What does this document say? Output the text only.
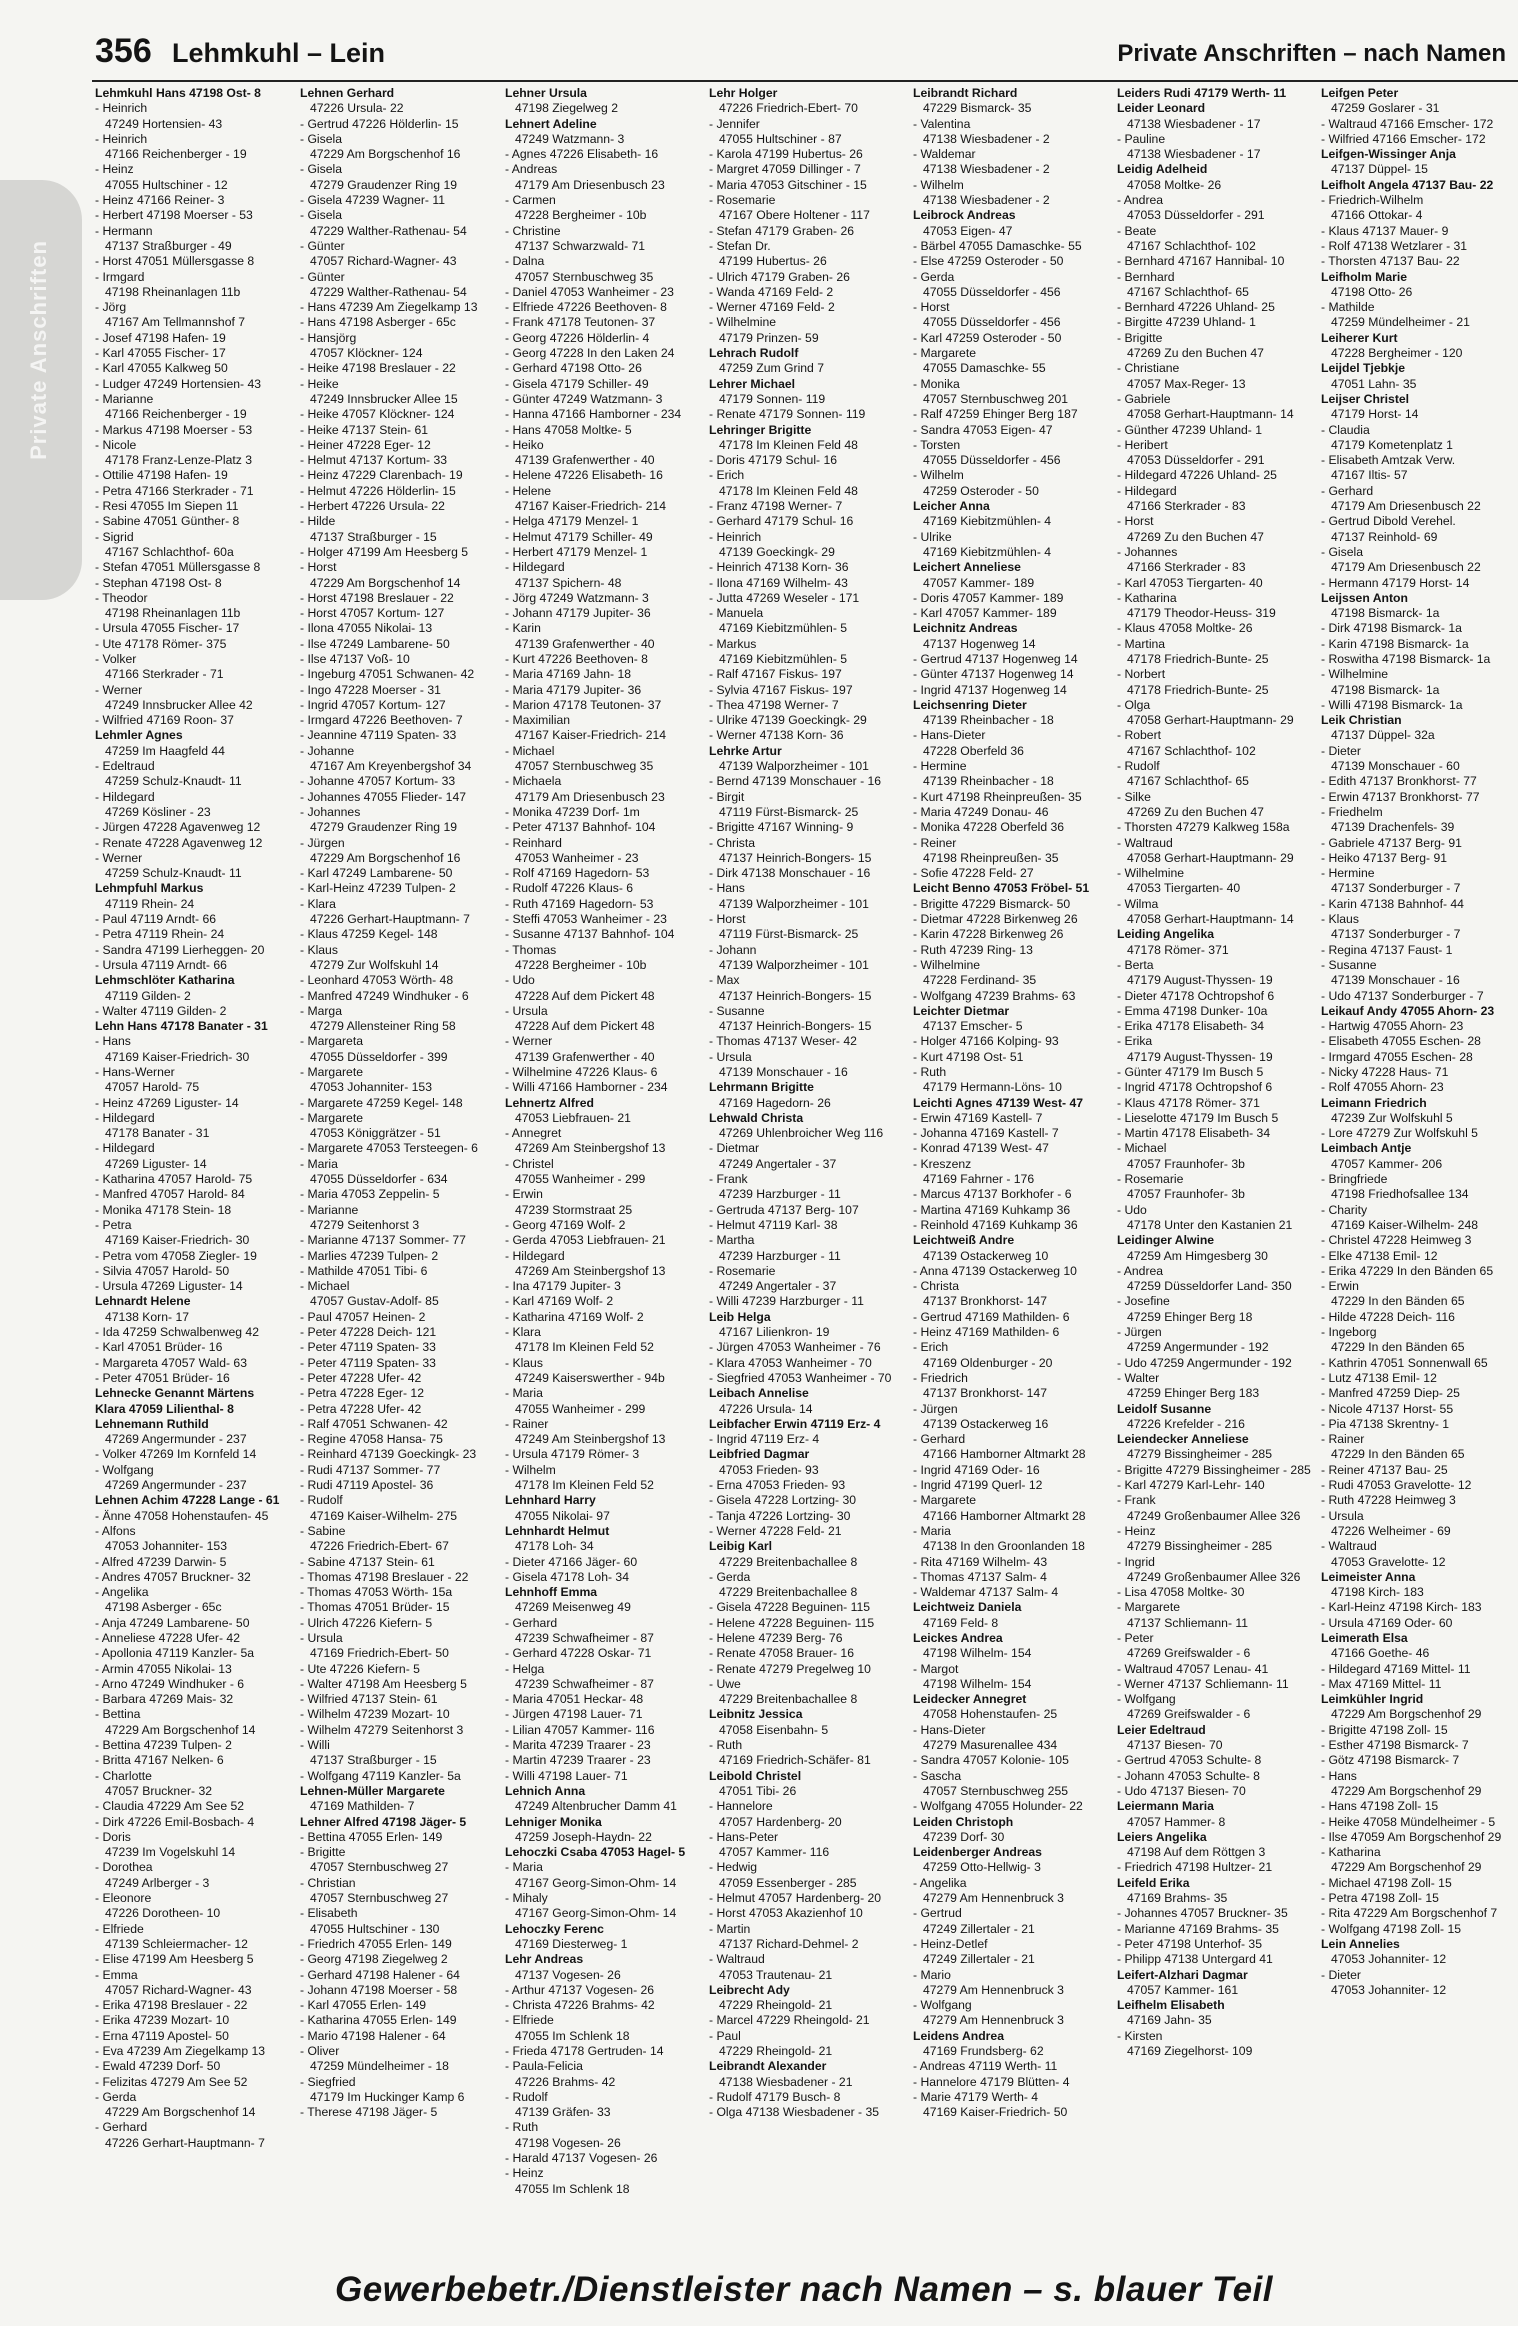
356 Lehmkuhl – Lein	Private Anschriften – nach Namen
Private Anschriften
Lehmkuhl Hans 47198 Ost- 8
- Heinrich
47249 Hortensien- 43
- Heinrich
47166 Reichenberger - 19
- Heinz
47055 Hultschiner - 12
- Heinz 47166 Reiner- 3
- Herbert 47198 Moerser - 53
- Hermann
47137 Straßburger - 49
- Horst 47051 Müllersgasse 8
- Irmgard
47198 Rheinanlagen 11b
- Jörg
47167 Am Tellmannshof 7
- Josef 47198 Hafen- 19
- Karl 47055 Fischer- 17
- Karl 47055 Kalkweg 50
- Ludger 47249 Hortensien- 43
- Marianne
47166 Reichenberger - 19
- Markus 47198 Moerser - 53
- Nicole
47178 Franz-Lenze-Platz 3
- Ottilie 47198 Hafen- 19
- Petra 47166 Sterkrader - 71
- Resi 47055 Im Siepen 11
- Sabine 47051 Günther- 8
- Sigrid
47167 Schlachthof- 60a
- Stefan 47051 Müllersgasse 8
- Stephan 47198 Ost- 8
- Theodor
47198 Rheinanlagen 11b
- Ursula 47055 Fischer- 17
- Ute 47178 Römer- 375
- Volker
47166 Sterkrader - 71
- Werner
47249 Innsbrucker Allee 42
- Wilfried 47169 Roon- 37
Lehmler Agnes
47259 Im Haagfeld 44
- Edeltraud
47259 Schulz-Knaudt- 11
- Hildegard
47269 Kösliner - 23
- Jürgen 47228 Agavenweg 12
- Renate 47228 Agavenweg 12
- Werner
47259 Schulz-Knaudt- 11
Lehmpfuhl Markus
47119 Rhein- 24
- Paul 47119 Arndt- 66
- Petra 47119 Rhein- 24
- Sandra 47199 Lierheggen- 20
- Ursula 47119 Arndt- 66
Lehmschlöter Katharina
47119 Gilden- 2
- Walter 47119 Gilden- 2
Lehn Hans 47178 Banater - 31
- Hans
47169 Kaiser-Friedrich- 30
- Hans-Werner
47057 Harold- 75
- Heinz 47269 Liguster- 14
- Hildegard
47178 Banater - 31
- Hildegard
47269 Liguster- 14
- Katharina 47057 Harold- 75
- Manfred 47057 Harold- 84
- Monika 47178 Stein- 18
- Petra
47169 Kaiser-Friedrich- 30
- Petra vom 47058 Ziegler- 19
- Silvia 47057 Harold- 50
- Ursula 47269 Liguster- 14
Lehnardt Helene
47138 Korn- 17
- Ida 47259 Schwalbenweg 42
- Karl 47051 Brüder- 16
- Margareta 47057 Wald- 63
- Peter 47051 Brüder- 16
Lehnecke Genannt Märtens
Klara 47059 Lilienthal- 8
Lehnemann Ruthild
47269 Angermunder - 237
- Volker 47269 Im Kornfeld 14
- Wolfgang
47269 Angermunder - 237
Lehnen Achim 47228 Lange - 61
- Änne 47058 Hohenstaufen- 45
- Alfons
47053 Johanniter- 153
- Alfred 47239 Darwin- 5
- Andres 47057 Bruckner- 32
- Angelika
47198 Asberger - 65c
- Anja 47249 Lambarene- 50
- Anneliese 47228 Ufer- 42
- Apollonia 47119 Kanzler- 5a
- Armin 47055 Nikolai- 13
- Arno 47249 Windhuker - 6
- Barbara 47269 Mais- 32
- Bettina
47229 Am Borgschenhof 14
- Bettina 47239 Tulpen- 2
- Britta 47167 Nelken- 6
- Charlotte
47057 Bruckner- 32
- Claudia 47229 Am See 52
- Dirk 47226 Emil-Bosbach- 4
- Doris
47239 Im Vogelskuhl 14
- Dorothea
47249 Arlberger - 3
- Eleonore
47226 Dorotheen- 10
- Elfriede
47139 Schleiermacher- 12
- Elise 47199 Am Heesberg 5
- Emma
47057 Richard-Wagner- 43
- Erika 47198 Breslauer - 22
- Erika 47239 Mozart- 10
- Erna 47119 Apostel- 50
- Eva 47239 Am Ziegelkamp 13
- Ewald 47239 Dorf- 50
- Felizitas 47279 Am See 52
- Gerda
47229 Am Borgschenhof 14
- Gerhard
47226 Gerhart-Hauptmann- 7
Lehnen Gerhard
47226 Ursula- 22
- Gertrud 47226 Hölderlin- 15
- Gisela
47229 Am Borgschenhof 16
- Gisela
47279 Graudenzer Ring 19
- Gisela 47239 Wagner- 11
- Gisela
47229 Walther-Rathenau- 54
- Günter
47057 Richard-Wagner- 43
- Günter
47229 Walther-Rathenau- 54
- Hans 47239 Am Ziegelkamp 13
- Hans 47198 Asberger - 65c
- Hansjörg
47057 Klöckner- 124
- Heike 47198 Breslauer - 22
- Heike
47249 Innsbrucker Allee 15
- Heike 47057 Klöckner- 124
- Heike 47137 Stein- 61
- Heiner 47228 Eger- 12
- Helmut 47137 Kortum- 33
- Heinz 47229 Clarenbach- 19
- Helmut 47226 Hölderlin- 15
- Herbert 47226 Ursula- 22
- Hilde
47137 Straßburger - 15
- Holger 47199 Am Heesberg 5
- Horst
47229 Am Borgschenhof 14
- Horst 47198 Breslauer - 22
- Horst 47057 Kortum- 127
- Ilona 47055 Nikolai- 13
- Ilse 47249 Lambarene- 50
- Ilse 47137 Voß- 10
- Ingeburg 47051 Schwanen- 42
- Ingo 47228 Moerser - 31
- Ingrid 47057 Kortum- 127
- Irmgard 47226 Beethoven- 7
- Jeannine 47119 Spaten- 33
- Johanne
47167 Am Kreyenbergshof 34
- Johanne 47057 Kortum- 33
- Johannes 47055 Flieder- 147
- Johannes
47279 Graudenzer Ring 19
- Jürgen
47229 Am Borgschenhof 16
- Karl 47249 Lambarene- 50
- Karl-Heinz 47239 Tulpen- 2
- Klara
47226 Gerhart-Hauptmann- 7
- Klaus 47259 Kegel- 148
- Klaus
47279 Zur Wolfskuhl 14
- Leonhard 47053 Wörth- 48
- Manfred 47249 Windhuker - 6
- Marga
47279 Allensteiner Ring 58
- Margareta
47055 Düsseldorfer - 399
- Margarete
47053 Johanniter- 153
- Margarete 47259 Kegel- 148
- Margarete
47053 Königgrätzer - 51
- Margarete 47053 Tersteegen- 6
- Maria
47055 Düsseldorfer - 634
- Maria 47053 Zeppelin- 5
- Marianne
47279 Seitenhorst 3
- Marianne 47137 Sommer- 77
- Marlies 47239 Tulpen- 2
- Mathilde 47051 Tibi- 6
- Michael
47057 Gustav-Adolf- 85
- Paul 47057 Heinen- 2
- Peter 47228 Deich- 121
- Peter 47119 Spaten- 33
- Peter 47119 Spaten- 33
- Peter 47228 Ufer- 42
- Petra 47228 Eger- 12
- Petra 47228 Ufer- 42
- Ralf 47051 Schwanen- 42
- Regine 47058 Hansa- 75
- Reinhard 47139 Goeckingk- 23
- Rudi 47137 Sommer- 77
- Rudi 47119 Apostel- 36
- Rudolf
47169 Kaiser-Wilhelm- 275
- Sabine
47226 Friedrich-Ebert- 67
- Sabine 47137 Stein- 61
- Thomas 47198 Breslauer - 22
- Thomas 47053 Wörth- 15a
- Thomas 47051 Brüder- 15
- Ulrich 47226 Kiefern- 5
- Ursula
47169 Friedrich-Ebert- 50
- Ute 47226 Kiefern- 5
- Walter 47198 Am Heesberg 5
- Wilfried 47137 Stein- 61
- Wilhelm 47239 Mozart- 10
- Wilhelm 47279 Seitenhorst 3
- Willi
47137 Straßburger - 15
- Wolfgang 47119 Kanzler- 5a
Lehnen-Müller Margarete
47169 Mathilden- 7
Lehner Alfred 47198 Jäger- 5
- Bettina 47055 Erlen- 149
- Brigitte
47057 Sternbuschweg 27
- Christian
47057 Sternbuschweg 27
- Elisabeth
47055 Hultschiner - 130
- Friedrich 47055 Erlen- 149
- Georg 47198 Ziegelweg 2
- Gerhard 47198 Halener - 64
- Johann 47198 Moerser - 58
- Karl 47055 Erlen- 149
- Katharina 47055 Erlen- 149
- Mario 47198 Halener - 64
- Oliver
47259 Mündelheimer - 18
- Siegfried
47179 Im Huckinger Kamp 6
- Therese 47198 Jäger- 5
Lehner Ursula
47198 Ziegelweg 2
Lehnert Adeline
47249 Watzmann- 3
- Agnes 47226 Elisabeth- 16
- Andreas
47179 Am Driesenbusch 23
- Carmen
47228 Bergheimer - 10b
- Christine
47137 Schwarzwald- 71
- Dalna
47057 Sternbuschweg 35
- Daniel 47053 Wanheimer - 23
- Elfriede 47226 Beethoven- 8
- Frank 47178 Teutonen- 37
- Georg 47226 Hölderlin- 4
- Georg 47228 In den Laken 24
- Gerhard 47198 Otto- 26
- Gisela 47179 Schiller- 49
- Günter 47249 Watzmann- 3
- Hanna 47166 Hamborner - 234
- Hans 47058 Moltke- 5
- Heiko
47139 Grafenwerther - 40
- Helene 47226 Elisabeth- 16
- Helene
47167 Kaiser-Friedrich- 214
- Helga 47179 Menzel- 1
- Helmut 47179 Schiller- 49
- Herbert 47179 Menzel- 1
- Hildegard
47137 Spichern- 48
- Jörg 47249 Watzmann- 3
- Johann 47179 Jupiter- 36
- Karin
47139 Grafenwerther - 40
- Kurt 47226 Beethoven- 8
- Maria 47169 Jahn- 18
- Maria 47179 Jupiter- 36
- Marion 47178 Teutonen- 37
- Maximilian
47167 Kaiser-Friedrich- 214
- Michael
47057 Sternbuschweg 35
- Michaela
47179 Am Driesenbusch 23
- Monika 47239 Dorf- 1m
- Peter 47137 Bahnhof- 104
- Reinhard
47053 Wanheimer - 23
- Rolf 47169 Hagedorn- 53
- Rudolf 47226 Klaus- 6
- Ruth 47169 Hagedorn- 53
- Steffi 47053 Wanheimer - 23
- Susanne 47137 Bahnhof- 104
- Thomas
47228 Bergheimer - 10b
- Udo
47228 Auf dem Pickert 48
- Ursula
47228 Auf dem Pickert 48
- Werner
47139 Grafenwerther - 40
- Wilhelmine 47226 Klaus- 6
- Willi 47166 Hamborner - 234
Lehnertz Alfred
47053 Liebfrauen- 21
- Annegret
47269 Am Steinbergshof 13
- Christel
47055 Wanheimer - 299
- Erwin
47239 Stormstraat 25
- Georg 47169 Wolf- 2
- Gerda 47053 Liebfrauen- 21
- Hildegard
47269 Am Steinbergshof 13
- Ina 47179 Jupiter- 3
- Karl 47169 Wolf- 2
- Katharina 47169 Wolf- 2
- Klara
47178 Im Kleinen Feld 52
- Klaus
47249 Kaiserswerther - 94b
- Maria
47055 Wanheimer - 299
- Rainer
47249 Am Steinbergshof 13
- Ursula 47179 Römer- 3
- Wilhelm
47178 Im Kleinen Feld 52
Lehnhard Harry
47055 Nikolai- 97
Lehnhardt Helmut
47178 Loh- 34
- Dieter 47166 Jäger- 60
- Gisela 47178 Loh- 34
Lehnhoff Emma
47269 Meisenweg 49
- Gerhard
47239 Schwafheimer - 87
- Gerhard 47228 Oskar- 71
- Helga
47239 Schwafheimer - 87
- Maria 47051 Heckar- 48
- Jürgen 47198 Lauer- 71
- Lilian 47057 Kammer- 116
- Marita 47239 Traarer - 23
- Martin 47239 Traarer - 23
- Willi 47198 Lauer- 71
Lehnich Anna
47249 Altenbrucher Damm 41
Lehniger Monika
47259 Joseph-Haydn- 22
Lehoczki Csaba 47053 Hagel- 5
- Maria
47167 Georg-Simon-Ohm- 14
- Mihaly
47167 Georg-Simon-Ohm- 14
Lehoczky Ferenc
47169 Diesterweg- 1
Lehr Andreas
47137 Vogesen- 26
- Arthur 47137 Vogesen- 26
- Christa 47226 Brahms- 42
- Elfriede
47055 Im Schlenk 18
- Frieda 47178 Gertruden- 14
- Paula-Felicia
47226 Brahms- 42
- Rudolf
47139 Gräfen- 33
- Ruth
47198 Vogesen- 26
- Harald 47137 Vogesen- 26
- Heinz
47055 Im Schlenk 18
Lehr Holger
47226 Friedrich-Ebert- 70
- Jennifer
47055 Hultschiner - 87
- Karola 47199 Hubertus- 26
- Margret 47059 Dillinger - 7
- Maria 47053 Gitschiner - 15
- Rosemarie
47167 Obere Holtener - 117
- Stefan 47179 Graben- 26
- Stefan Dr.
47199 Hubertus- 26
- Ulrich 47179 Graben- 26
- Wanda 47169 Feld- 2
- Werner 47169 Feld- 2
- Wilhelmine
47179 Prinzen- 59
Lehrach Rudolf
47259 Zum Grind 7
Lehrer Michael
47179 Sonnen- 119
- Renate 47179 Sonnen- 119
Lehringer Brigitte
47178 Im Kleinen Feld 48
- Doris 47179 Schul- 16
- Erich
47178 Im Kleinen Feld 48
- Franz 47198 Werner- 7
- Gerhard 47179 Schul- 16
- Heinrich
47139 Goeckingk- 29
- Heinrich 47138 Korn- 36
- Ilona 47169 Wilhelm- 43
- Jutta 47269 Weseler - 171
- Manuela
47169 Kiebitzmühlen- 5
- Markus
47169 Kiebitzmühlen- 5
- Ralf 47167 Fiskus- 197
- Sylvia 47167 Fiskus- 197
- Thea 47198 Werner- 7
- Ulrike 47139 Goeckingk- 29
- Werner 47138 Korn- 36
Lehrke Artur
47139 Walporzheimer - 101
- Bernd 47139 Monschauer - 16
- Birgit
47119 Fürst-Bismarck- 25
- Brigitte 47167 Winning- 9
- Christa
47137 Heinrich-Bongers- 15
- Dirk 47138 Monschauer - 16
- Hans
47139 Walporzheimer - 101
- Horst
47119 Fürst-Bismarck- 25
- Johann
47139 Walporzheimer - 101
- Max
47137 Heinrich-Bongers- 15
- Susanne
47137 Heinrich-Bongers- 15
- Thomas 47137 Weser- 42
- Ursula
47139 Monschauer - 16
Lehrmann Brigitte
47169 Hagedorn- 26
Lehwald Christa
47269 Uhlenbroicher Weg 116
- Dietmar
47249 Angertaler - 37
- Frank
47239 Harzburger - 11
- Gertruda 47137 Berg- 107
- Helmut 47119 Karl- 38
- Martha
47239 Harzburger - 11
- Rosemarie
47249 Angertaler - 37
- Willi 47239 Harzburger - 11
Leib Helga
47167 Lilienkron- 19
- Jürgen 47053 Wanheimer - 76
- Klara 47053 Wanheimer - 70
- Siegfried 47053 Wanheimer - 70
Leibach Annelise
47226 Ursula- 14
Leibfacher Erwin 47119 Erz- 4
- Ingrid 47119 Erz- 4
Leibfried Dagmar
47053 Frieden- 93
- Erna 47053 Frieden- 93
- Gisela 47228 Lortzing- 30
- Tanja 47226 Lortzing- 30
- Werner 47228 Feld- 21
Leibig Karl
47229 Breitenbachallee 8
- Gerda
47229 Breitenbachallee 8
- Gisela 47228 Beguinen- 115
- Helene 47228 Beguinen- 115
- Helene 47239 Berg- 76
- Renate 47058 Brauer- 16
- Renate 47279 Pregelweg 10
- Uwe
47229 Breitenbachallee 8
Leibnitz Jessica
47058 Eisenbahn- 5
- Ruth
47169 Friedrich-Schäfer- 81
Leibold Christel
47051 Tibi- 26
- Hannelore
47057 Hardenberg- 20
- Hans-Peter
47057 Kammer- 116
- Hedwig
47059 Essenberger - 285
- Helmut 47057 Hardenberg- 20
- Horst 47053 Akazienhof 10
- Martin
47137 Richard-Dehmel- 2
- Waltraud
47053 Trautenau- 21
Leibrecht Ady
47229 Rheingold- 21
- Marcel 47229 Rheingold- 21
- Paul
47229 Rheingold- 21
Leibrandt Alexander
47138 Wiesbadener - 21
- Rudolf 47179 Busch- 8
- Olga 47138 Wiesbadener - 35
Leibrandt Richard
47229 Bismarck- 35
- Valentina
47138 Wiesbadener - 2
- Waldemar
47138 Wiesbadener - 2
- Wilhelm
47138 Wiesbadener - 2
Leibrock Andreas
47053 Eigen- 47
- Bärbel 47055 Damaschke- 55
- Else 47259 Osteroder - 50
- Gerda
47055 Düsseldorfer - 456
- Horst
47055 Düsseldorfer - 456
- Karl 47259 Osteroder - 50
- Margarete
47055 Damaschke- 55
- Monika
47057 Sternbuschweg 201
- Ralf 47259 Ehinger Berg 187
- Sandra 47053 Eigen- 47
- Torsten
47055 Düsseldorfer - 456
- Wilhelm
47259 Osteroder - 50
Leicher Anna
47169 Kiebitzmühlen- 4
- Ulrike
47169 Kiebitzmühlen- 4
Leichert Anneliese
47057 Kammer- 189
- Doris 47057 Kammer- 189
- Karl 47057 Kammer- 189
Leichnitz Andreas
47137 Hogenweg 14
- Gertrud 47137 Hogenweg 14
- Günter 47137 Hogenweg 14
- Ingrid 47137 Hogenweg 14
Leichsenring Dieter
47139 Rheinbacher - 18
- Hans-Dieter
47228 Oberfeld 36
- Hermine
47139 Rheinbacher - 18
- Kurt 47198 Rheinpreußen- 35
- Maria 47249 Donau- 46
- Monika 47228 Oberfeld 36
- Reiner
47198 Rheinpreußen- 35
- Sofie 47228 Feld- 27
Leicht Benno 47053 Fröbel- 51
- Brigitte 47229 Bismarck- 50
- Dietmar 47228 Birkenweg 26
- Karin 47228 Birkenweg 26
- Ruth 47239 Ring- 13
- Wilhelmine
47228 Ferdinand- 35
- Wolfgang 47239 Brahms- 63
Leichter Dietmar
47137 Emscher- 5
- Holger 47166 Kolping- 93
- Kurt 47198 Ost- 51
- Ruth
47179 Hermann-Löns- 10
Leichti Agnes 47139 West- 47
- Erwin 47169 Kastell- 7
- Johanna 47169 Kastell- 7
- Konrad 47139 West- 47
- Kreszenz
47169 Fahrner - 176
- Marcus 47137 Borkhofer - 6
- Martina 47169 Kuhkamp 36
- Reinhold 47169 Kuhkamp 36
Leichtweiß Andre
47139 Ostackerweg 10
- Anna 47139 Ostackerweg 10
- Christa
47137 Bronkhorst- 147
- Gertrud 47169 Mathilden- 6
- Heinz 47169 Mathilden- 6
- Erich
47169 Oldenburger - 20
- Friedrich
47137 Bronkhorst- 147
- Jürgen
47139 Ostackerweg 16
- Gerhard
47166 Hamborner Altmarkt 28
- Ingrid 47169 Oder- 16
- Ingrid 47199 Querl- 12
- Margarete
47166 Hamborner Altmarkt 28
- Maria
47138 In den Groonlanden 18
- Rita 47169 Wilhelm- 43
- Thomas 47137 Salm- 4
- Waldemar 47137 Salm- 4
Leichtweiz Daniela
47169 Feld- 8
Leickes Andrea
47198 Wilhelm- 154
- Margot
47198 Wilhelm- 154
Leidecker Annegret
47058 Hohenstaufen- 25
- Hans-Dieter
47279 Masurenallee 434
- Sandra 47057 Kolonie- 105
- Sascha
47057 Sternbuschweg 255
- Wolfgang 47055 Holunder- 22
Leiden Christoph
47239 Dorf- 30
Leidenberger Andreas
47259 Otto-Hellwig- 3
- Angelika
47279 Am Hennenbruck 3
- Gertrud
47249 Zillertaler - 21
- Heinz-Detlef
47249 Zillertaler - 21
- Mario
47279 Am Hennenbruck 3
- Wolfgang
47279 Am Hennenbruck 3
Leidens Andrea
47169 Frundsberg- 62
- Andreas 47119 Werth- 11
- Hannelore 47179 Blütten- 4
- Marie 47179 Werth- 4
47169 Kaiser-Friedrich- 50
Leiders Rudi 47179 Werth- 11
Leider Leonard
47138 Wiesbadener - 17
- Pauline
47138 Wiesbadener - 17
Leidig Adelheid
47058 Moltke- 26
- Andrea
47053 Düsseldorfer - 291
- Beate
47167 Schlachthof- 102
- Bernhard 47167 Hannibal- 10
- Bernhard
47167 Schlachthof- 65
- Bernhard 47226 Uhland- 25
- Birgitte 47239 Uhland- 1
- Brigitte
47269 Zu den Buchen 47
- Christiane
47057 Max-Reger- 13
- Gabriele
47058 Gerhart-Hauptmann- 14
- Günther 47239 Uhland- 1
- Heribert
47053 Düsseldorfer - 291
- Hildegard 47226 Uhland- 25
- Hildegard
47166 Sterkrader - 83
- Horst
47269 Zu den Buchen 47
- Johannes
47166 Sterkrader - 83
- Karl 47053 Tiergarten- 40
- Katharina
47179 Theodor-Heuss- 319
- Klaus 47058 Moltke- 26
- Martina
47178 Friedrich-Bunte- 25
- Norbert
47178 Friedrich-Bunte- 25
- Olga
47058 Gerhart-Hauptmann- 29
- Robert
47167 Schlachthof- 102
- Rudolf
47167 Schlachthof- 65
- Silke
47269 Zu den Buchen 47
- Thorsten 47279 Kalkweg 158a
- Waltraud
47058 Gerhart-Hauptmann- 29
- Wilhelmine
47053 Tiergarten- 40
- Wilma
47058 Gerhart-Hauptmann- 14
Leiding Angelika
47178 Römer- 371
- Berta
47179 August-Thyssen- 19
- Dieter 47178 Ochtropshof 6
- Emma 47198 Dunker- 10a
- Erika 47178 Elisabeth- 34
- Erika
47179 August-Thyssen- 19
- Günter 47179 Im Busch 5
- Ingrid 47178 Ochtropshof 6
- Klaus 47178 Römer- 371
- Lieselotte 47179 Im Busch 5
- Martin 47178 Elisabeth- 34
- Michael
47057 Fraunhofer- 3b
- Rosemarie
47057 Fraunhofer- 3b
- Udo
47178 Unter den Kastanien 21
Leidinger Alwine
47259 Am Himgesberg 30
- Andrea
47259 Düsseldorfer Land- 350
- Josefine
47259 Ehinger Berg 18
- Jürgen
47259 Angermunder - 192
- Udo 47259 Angermunder - 192
- Walter
47259 Ehinger Berg 183
Leidolf Susanne
47226 Krefelder - 216
Leiendecker Anneliese
47279 Bissingheimer - 285
- Brigitte 47279 Bissingheimer - 285
- Karl 47279 Karl-Lehr- 140
- Frank
47249 Großenbaumer Allee 326
- Heinz
47279 Bissingheimer - 285
- Ingrid
47249 Großenbaumer Allee 326
- Lisa 47058 Moltke- 30
- Margarete
47137 Schliemann- 11
- Peter
47269 Greifswalder - 6
- Waltraud 47057 Lenau- 41
- Werner 47137 Schliemann- 11
- Wolfgang
47269 Greifswalder - 6
Leier Edeltraud
47137 Biesen- 70
- Gertrud 47053 Schulte- 8
- Johann 47053 Schulte- 8
- Udo 47137 Biesen- 70
Leiermann Maria
47057 Hammer- 8
Leiers Angelika
47198 Auf dem Röttgen 3
- Friedrich 47198 Hultzer- 21
Leifeld Erika
47169 Brahms- 35
- Johannes 47057 Bruckner- 35
- Marianne 47169 Brahms- 35
- Peter 47198 Unterhof- 35
- Philipp 47138 Untergard 41
Leifert-Alzhari Dagmar
47057 Kammer- 161
Leifhelm Elisabeth
47169 Jahn- 35
- Kirsten
47169 Ziegelhorst- 109
Leifgen Peter
47259 Goslarer - 31
- Waltraud 47166 Emscher- 172
- Wilfried 47166 Emscher- 172
Leifgen-Wissinger Anja
47137 Düppel- 15
Leifholt Angela 47137 Bau- 22
- Friedrich-Wilhelm
47166 Ottokar- 4
- Klaus 47137 Mauer- 9
- Rolf 47138 Wetzlarer - 31
- Thorsten 47137 Bau- 22
Leifholm Marie
47198 Otto- 26
- Mathilde
47259 Mündelheimer - 21
Leiherer Kurt
47228 Bergheimer - 120
Leijdel Tjebkje
47051 Lahn- 35
Leijser Christel
47179 Horst- 14
- Claudia
47179 Kometenplatz 1
- Elisabeth Amtzak Verw.
47167 Iltis- 57
- Gerhard
47179 Am Driesenbusch 22
- Gertrud Dibold Verehel.
47137 Reinhold- 69
- Gisela
47179 Am Driesenbusch 22
- Hermann 47179 Horst- 14
Leijssen Anton
47198 Bismarck- 1a
- Dirk 47198 Bismarck- 1a
- Karin 47198 Bismarck- 1a
- Roswitha 47198 Bismarck- 1a
- Wilhelmine
47198 Bismarck- 1a
- Willi 47198 Bismarck- 1a
Leik Christian
47137 Düppel- 32a
- Dieter
47139 Monschauer - 60
- Edith 47137 Bronkhorst- 77
- Erwin 47137 Bronkhorst- 77
- Friedhelm
47139 Drachenfels- 39
- Gabriele 47137 Berg- 91
- Heiko 47137 Berg- 91
- Hermine
47137 Sonderburger - 7
- Karin 47138 Bahnhof- 44
- Klaus
47137 Sonderburger - 7
- Regina 47137 Faust- 1
- Susanne
47139 Monschauer - 16
- Udo 47137 Sonderburger - 7
Leikauf Andy 47055 Ahorn- 23
- Hartwig 47055 Ahorn- 23
- Elisabeth 47055 Eschen- 28
- Irmgard 47055 Eschen- 28
- Nicky 47228 Haus- 71
- Rolf 47055 Ahorn- 23
Leimann Friedrich
47239 Zur Wolfskuhl 5
- Lore 47279 Zur Wolfskuhl 5
Leimbach Antje
47057 Kammer- 206
- Bringfriede
47198 Friedhofsallee 134
- Charity
47169 Kaiser-Wilhelm- 248
- Christel 47228 Heimweg 3
- Elke 47138 Emil- 12
- Erika 47229 In den Bänden 65
- Erwin
47229 In den Bänden 65
- Hilde 47228 Deich- 116
- Ingeborg
47229 In den Bänden 65
- Kathrin 47051 Sonnenwall 65
- Lutz 47138 Emil- 12
- Manfred 47259 Diep- 25
- Nicole 47137 Horst- 55
- Pia 47138 Skrentny- 1
- Rainer
47229 In den Bänden 65
- Reiner 47137 Bau- 25
- Rudi 47053 Gravelotte- 12
- Ruth 47228 Heimweg 3
- Ursula
47226 Welheimer - 69
- Waltraud
47053 Gravelotte- 12
Leimeister Anna
47198 Kirch- 183
- Karl-Heinz 47198 Kirch- 183
- Ursula 47169 Oder- 60
Leimerath Elsa
47166 Goethe- 46
- Hildegard 47169 Mittel- 11
- Max 47169 Mittel- 11
Leimkühler Ingrid
47229 Am Borgschenhof 29
- Brigitte 47198 Zoll- 15
- Esther 47198 Bismarck- 7
- Götz 47198 Bismarck- 7
- Hans
47229 Am Borgschenhof 29
- Hans 47198 Zoll- 15
- Heike 47058 Mündelheimer - 5
- Ilse 47059 Am Borgschenhof 29
- Katharina
47229 Am Borgschenhof 29
- Michael 47198 Zoll- 15
- Petra 47198 Zoll- 15
- Rita 47229 Am Borgschenhof 7
- Wolfgang 47198 Zoll- 15
Lein Annelies
47053 Johanniter- 12
- Dieter
47053 Johanniter- 12
Gewerbebetr./Dienstleister nach Namen – s. blauer Teil
